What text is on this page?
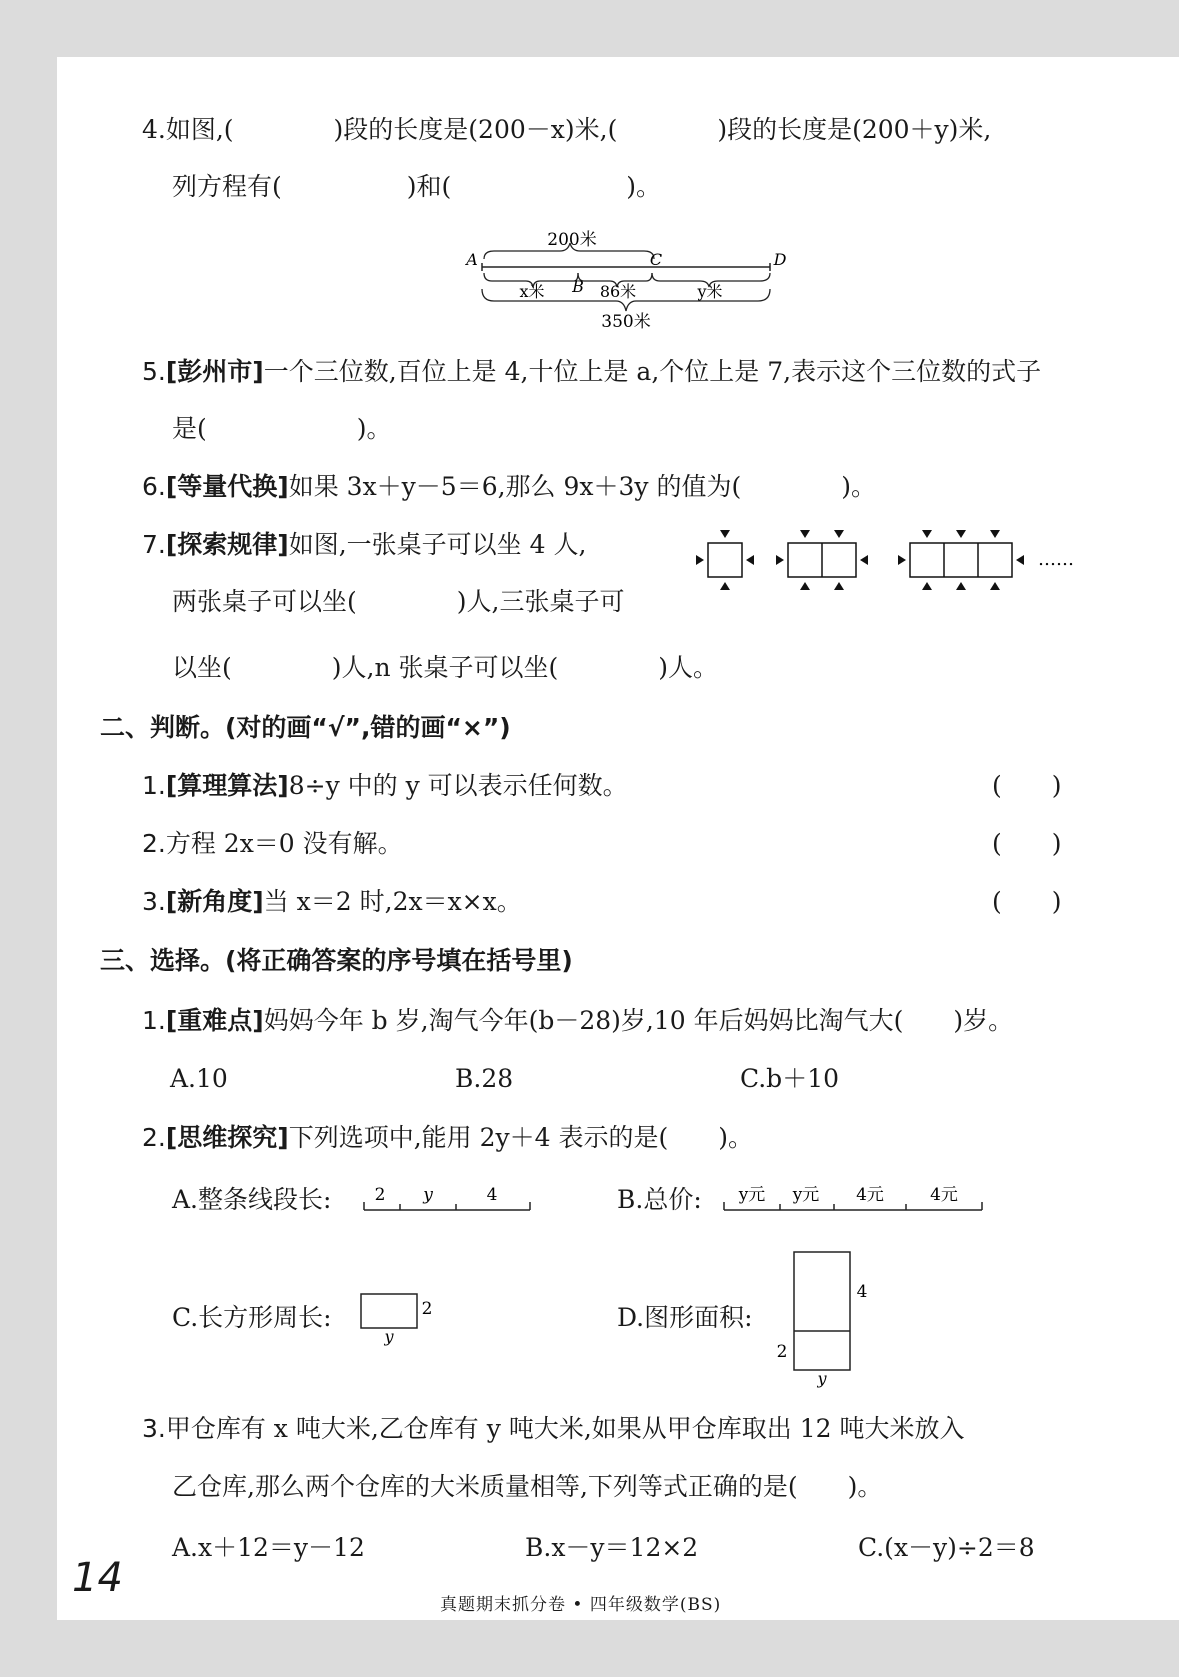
4.如图,(　　　　)段的长度是(200－x)米,(　　　　)段的长度是(200＋y)米,
列方程有(　　　　　)和(　　　　　　　)。
200米
A	C	D
x米 B 86米	y米
350米
5.[彭州市]一个三位数,百位上是 4,十位上是 a,个位上是 7,表示这个三位数的式子
是(　　　　　　)。
6.[等量代换]如果 3x＋y－5＝6,那么 9x＋3y 的值为(　　　　)。
7.[探索规律]如图,一张桌子可以坐 4 人,
两张桌子可以坐(　　　　)人,三张桌子可
以坐(　　　　)人,n 张桌子可以坐(　　　　)人。
……
二、判断。(对的画“√”,错的画“×”)
1.[算理算法]8÷y 中的 y 可以表示任何数。	(　　)
2.方程 2x＝0 没有解。	(　　)
3.[新角度]当 x＝2 时,2x＝x×x。	(　　)
三、选择。(将正确答案的序号填在括号里)
1.[重难点]妈妈今年 b 岁,淘气今年(b－28)岁,10 年后妈妈比淘气大(　　)岁。
A.10	B.28	C.b＋10
2.[思维探究]下列选项中,能用 2y＋4 表示的是(　　)。
A.整条线段长:	2 y	4	B.总价: y元 y元 4元	4元
C.长方形周长:	2
y
D.图形面积:
4
2
y
3.甲仓库有 x 吨大米,乙仓库有 y 吨大米,如果从甲仓库取出 12 吨大米放入
乙仓库,那么两个仓库的大米质量相等,下列等式正确的是(　　)。
A.x＋12＝y－12	B.x－y＝12×2	C.(x－y)÷2＝8
14
真题期末抓分卷 • 四年级数学(BS)
